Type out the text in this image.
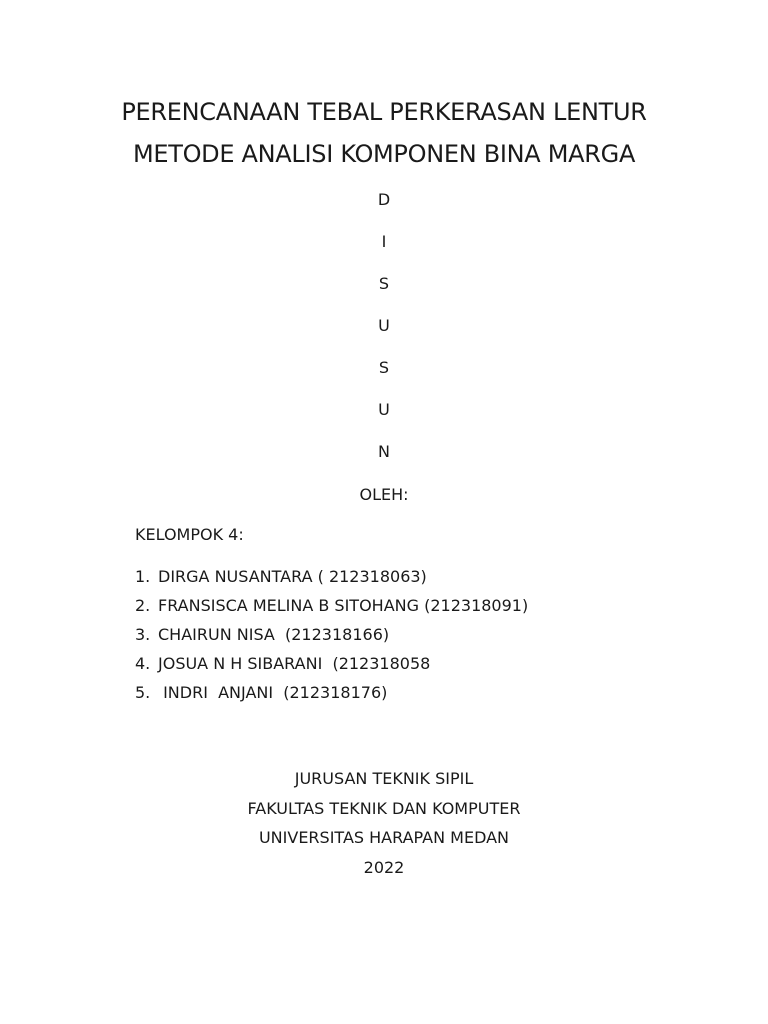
PERENCANAAN TEBAL PERKERASAN LENTUR
METODE ANALISI KOMPONEN BINA MARGA
D
I
S
U
S
U
N
OLEH:
KELOMPOK 4:
1. DIRGA NUSANTARA ( 212318063)
2. FRANSISCA MELINA B SITOHANG (212318091)
3. CHAIRUN NISA  (212318166)
4. JOSUA N H SIBARANI  (212318058
5. INDRI  ANJANI  (212318176)
JURUSAN TEKNIK SIPIL
FAKULTAS TEKNIK DAN KOMPUTER
UNIVERSITAS HARAPAN MEDAN
2022
